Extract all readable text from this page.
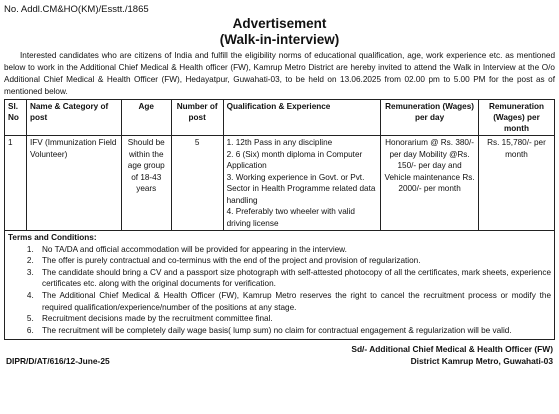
No. Addl.CM&HO(KM)/Esstt./1865
Advertisement
(Walk-in-interview)
Interested candidates who are citizens of India and fulfill the eligibility norms of educational qualification, age, work experience etc. as mentioned below to work in the Additional Chief Medical & Health officer (FW), Kamrup Metro District are hereby invited to attend the Walk in Interview at the O/o Additional Chief Medical & Health Officer (FW), Hedayatpur, Guwahati-03, to be held on 13.06.2025 from 02.00 pm to 5.00 PM for the post as of mentioned below.
Sl. No	Name & Category of post	Age	Number of post	Qualification & Experience	Remuneration (Wages) per day	Remuneration (Wages) per month
1	IFV (Immunization Field Volunteer)	Should be within the age group of 18-43 years	5	1. 12th Pass in any discipline
2. 6 (Six) month diploma in Computer Application
3. Working experience in Govt. or Pvt. Sector in Health Programme related data handling
4. Preferably two wheeler with valid driving license	Honorarium @ Rs. 380/- per day Mobility @Rs. 150/- per day and Vehicle maintenance Rs. 2000/- per month	Rs. 15,780/- per month
Terms and Conditions:
1. No TA/DA and official accommodation will be provided for appearing in the interview.
2. The offer is purely contractual and co-terminus with the end of the project and provision of regularization.
3. The candidate should bring a CV and a passport size photograph with self-attested photocopy of all the certificates, mark sheets, experience certificates etc. along with the original documents for verification.
4. The Additional Chief Medical & Health Officer (FW), Kamrup Metro reserves the right to cancel the recruitment process or modify the required qualification/experience/number of the positions at any stage.
5. Recruitment decisions made by the recruitment committee final.
6. The recruitment will be completely daily wage basis( lump sum) no claim for contractual engagement & regularization will be valid.
Sd/- Additional Chief Medical & Health Officer (FW)
District Kamrup Metro, Guwahati-03
DIPR/D/AT/616/12-June-25
